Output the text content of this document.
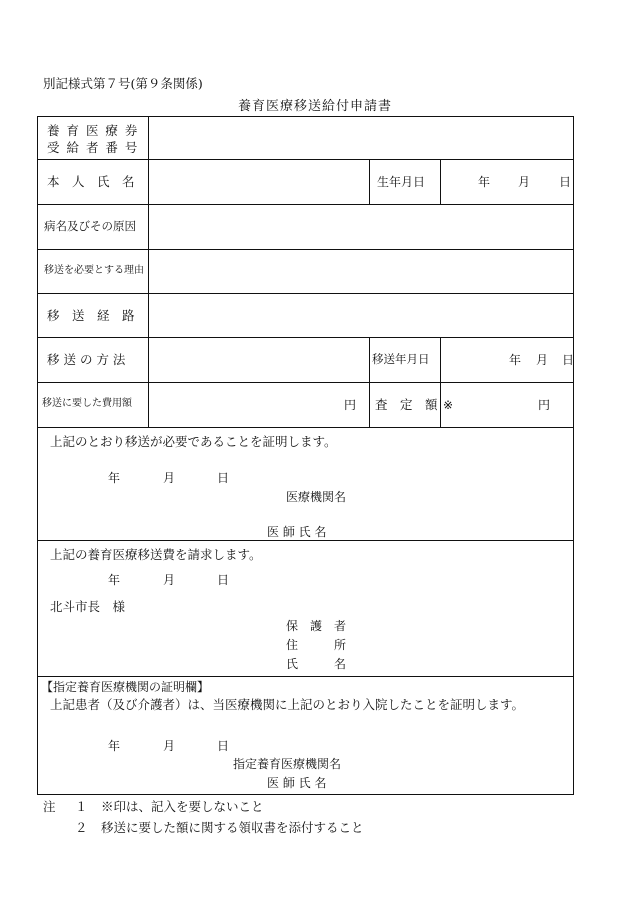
別記様式第７号(第９条関係)
養育医療移送給付申請書
養 育 医 療 券
受 給 者 番 号
本　人　氏　名	生年月日	年 月 日
病名及びその原因
移送を必要とする理由
移　送　経　路
移 送 の 方 法	移送年月日	年 月 日
移送に要した費用額	円 査　定　額 ※	円
上記のとおり移送が必要であることを証明します。
年	月	日
医療機関名
医 師 氏 名
上記の養育医療移送費を請求します。
年	月	日
北斗市長　様
保　護　者
住　　　所
氏　　　名
【指定養育医療機関の証明欄】
上記患者（及び介護者）は、当医療機関に上記のとおり入院したことを証明します。
年	月	日
指定養育医療機関名
医 師 氏 名
注 １ ※印は、記入を要しないこと
２ 移送に要した額に関する領収書を添付すること
